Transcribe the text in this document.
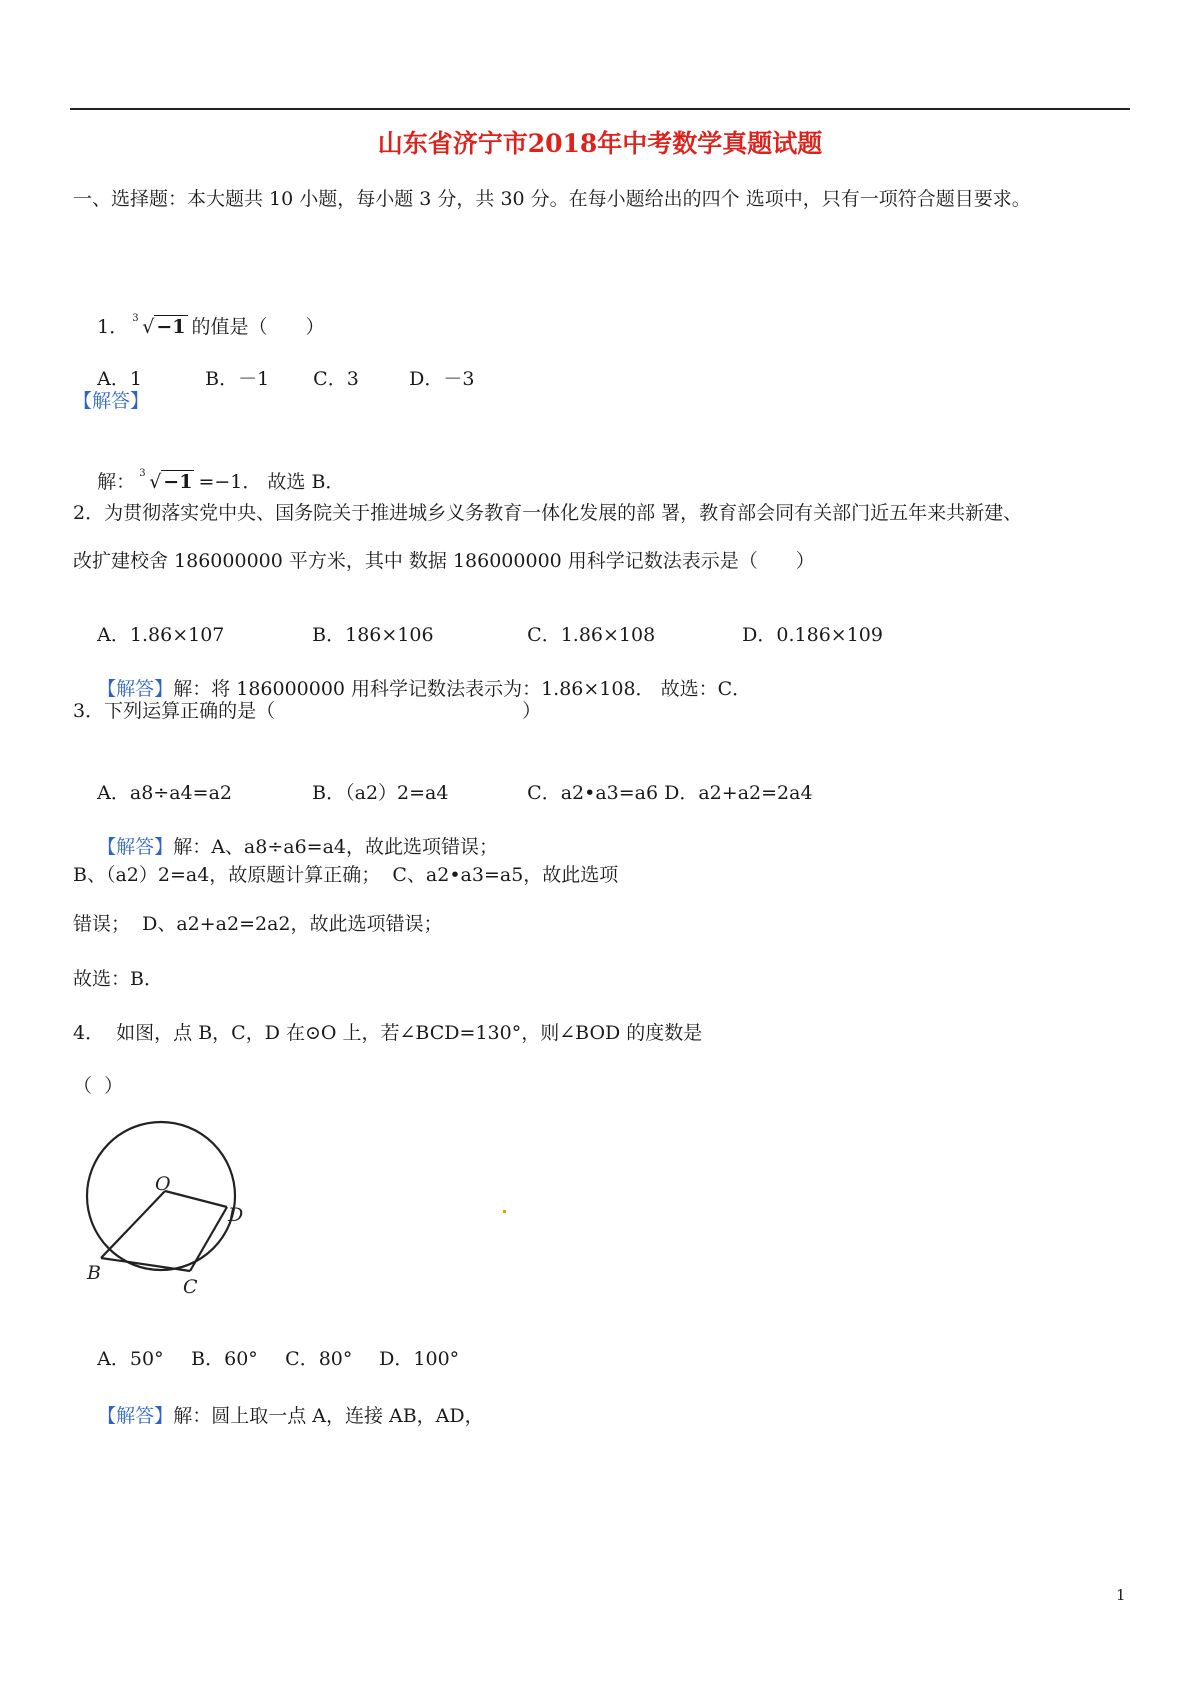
山东省济宁市2018年中考数学真题试题
一、选择题：本大题共 10 小题，每小题 3 分，共 30 分。在每小题给出的四个 选项中，只有一项符合题目要求。

1． 3 √ −1 的值是（　　）

A．1	B．－1 C．3	D．－3

【解答】

解： 3 √ −1 =−1． 故选 B．

2．为贯彻落实党中央、国务院关于推进城乡义务教育一体化发展的部 署，教育部会同有关部门近五年来共新建、
改扩建校舍 186000000 平方米，其中 数据 186000000 用科学记数法表示是（　　）

A．1.86×107	B．186×106	C．1.86×108	D．0.186×109

【解答】解：将 186000000 用科学记数法表示为：1.86×108． 故选：C．

3．下列运算正确的是（　　　　　　　　　　　　　）

A．a8÷a4=a2	B．（a2）2=a4	C．a2•a3=a6 D．a2+a2=2a4

【解答】解：A、a8÷a6=a4，故此选项错误；

B、（a2）2=a4，故原题计算正确；  C、a2•a3=a5，故此选项
错误；  D、a2+a2=2a2，故此选项错误；
故选：B．
4．  如图，点 B，C，D 在⊙O 上，若∠BCD=130°，则∠BOD 的度数是
（  ）
O
B
C
D

A．50° B．60° C．80° D．100°

【解答】解：圆上取一点 A，连接 AB，AD，

1
